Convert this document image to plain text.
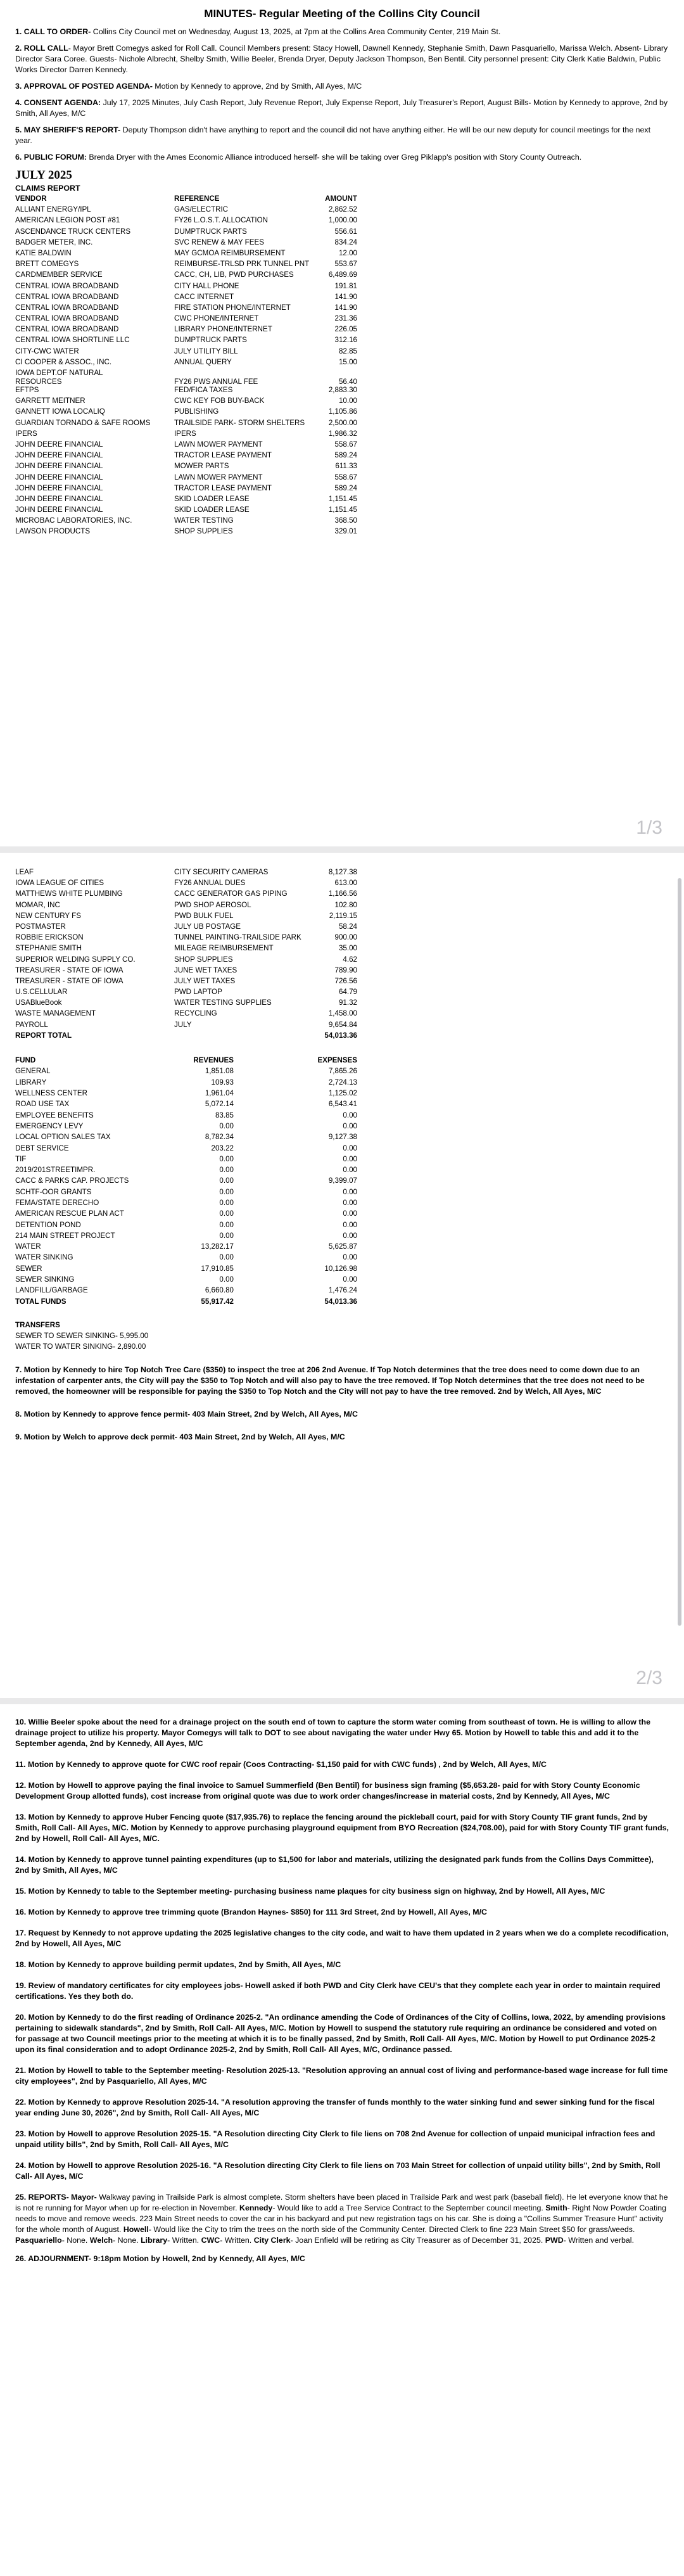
MINUTES- Regular Meeting of the Collins City Council

1. CALL TO ORDER- Collins City Council met on Wednesday, August 13, 2025, at 7pm at the Collins Area Community Center, 219 Main St.

2. ROLL CALL- Mayor Brett Comegys asked for Roll Call. Council Members present: Stacy Howell, Dawnell Kennedy, Stephanie Smith, Dawn Pasquariello, Marissa Welch. Absent- Library Director Sara Coree. Guests- Nichole Albrecht, Shelby Smith, Willie Beeler, Brenda Dryer, Deputy Jackson Thompson, Ben Bentil. City personnel present: City Clerk Katie Baldwin, Public Works Director Darren Kennedy.

3. APPROVAL OF POSTED AGENDA- Motion by Kennedy to approve, 2nd by Smith, All Ayes, M/C

4. CONSENT AGENDA: July 17, 2025 Minutes, July Cash Report, July Revenue Report, July Expense Report, July Treasurer's Report, August Bills- Motion by Kennedy to approve, 2nd by Smith, All Ayes, M/C

5. MAY SHERIFF'S REPORT- Deputy Thompson didn't have anything to report and the council did not have anything either. He will be our new deputy for council meetings for the next year.

6. PUBLIC FORUM: Brenda Dryer with the Ames Economic Alliance introduced herself- she will be taking over Greg Piklapp's position with Story County Outreach.

JULY 2025
CLAIMS REPORT
VENDOR	REFERENCE	AMOUNT
ALLIANT ENERGY/IPL	GAS/ELECTRIC	2,862.52
AMERICAN LEGION POST #81	FY26 L.O.S.T. ALLOCATION	1,000.00
ASCENDANCE TRUCK CENTERS	DUMPTRUCK PARTS	556.61
BADGER METER, INC.	SVC RENEW & MAY FEES	834.24
KATIE BALDWIN	MAY GCMOA REIMBURSEMENT	12.00
BRETT COMEGYS	REIMBURSE-TRLSD PRK TUNNEL PNT	553.67
CARDMEMBER SERVICE	CACC, CH, LIB, PWD PURCHASES	6,489.69
CENTRAL IOWA BROADBAND	CITY HALL PHONE	191.81
CENTRAL IOWA BROADBAND	CACC INTERNET	141.90
CENTRAL IOWA BROADBAND	FIRE STATION PHONE/INTERNET	141.90
CENTRAL IOWA BROADBAND	CWC PHONE/INTERNET	231.36
CENTRAL IOWA BROADBAND	LIBRARY PHONE/INTERNET	226.05
CENTRAL IOWA SHORTLINE LLC	DUMPTRUCK PARTS	312.16
CITY-CWC WATER	JULY UTILITY BILL	82.85
CI COOPER & ASSOC., INC.	ANNUAL QUERY	15.00
IOWA DEPT.OF NATURAL
RESOURCES	FY26 PWS ANNUAL FEE	56.40
EFTPS	FED/FICA TAXES	2,883.30
GARRETT MEITNER	CWC KEY FOB BUY-BACK	10.00
GANNETT IOWA LOCALIQ	PUBLISHING	1,105.86
GUARDIAN TORNADO & SAFE ROOMS	TRAILSIDE PARK- STORM SHELTERS	2,500.00
IPERS	IPERS	1,986.32
JOHN DEERE FINANCIAL	LAWN MOWER PAYMENT	558.67
JOHN DEERE FINANCIAL	TRACTOR LEASE PAYMENT	589.24
JOHN DEERE FINANCIAL	MOWER PARTS	611.33
JOHN DEERE FINANCIAL	LAWN MOWER PAYMENT	558.67
JOHN DEERE FINANCIAL	TRACTOR LEASE PAYMENT	589.24
JOHN DEERE FINANCIAL	SKID LOADER LEASE	1,151.45
JOHN DEERE FINANCIAL	SKID LOADER LEASE	1,151.45
MICROBAC LABORATORIES, INC.	WATER TESTING	368.50
LAWSON PRODUCTS	SHOP SUPPLIES	329.01
1/3
LEAF	CITY SECURITY CAMERAS	8,127.38
IOWA LEAGUE OF CITIES	FY26 ANNUAL DUES	613.00
MATTHEWS WHITE PLUMBING	CACC GENERATOR GAS PIPING	1,166.56
MOMAR, INC	PWD SHOP AEROSOL	102.80
NEW CENTURY FS	PWD BULK FUEL	2,119.15
POSTMASTER	JULY UB POSTAGE	58.24
ROBBIE ERICKSON	TUNNEL PAINTING-TRAILSIDE PARK	900.00
STEPHANIE SMITH	MILEAGE REIMBURSEMENT	35.00
SUPERIOR WELDING SUPPLY CO.	SHOP SUPPLIES	4.62
TREASURER - STATE OF IOWA	JUNE WET TAXES	789.90
TREASURER - STATE OF IOWA	JULY WET TAXES	726.56
U.S.CELLULAR	PWD LAPTOP	64.79
USABlueBook	WATER TESTING SUPPLIES	91.32
WASTE MANAGEMENT	RECYCLING	1,458.00
PAYROLL	JULY	9,654.84
REPORT TOTAL		54,013.36
FUND	REVENUES	EXPENSES
GENERAL	1,851.08	7,865.26
LIBRARY	109.93	2,724.13
WELLNESS CENTER	1,961.04	1,125.02
ROAD USE TAX	5,072.14	6,543.41
EMPLOYEE BENEFITS	83.85	0.00
EMERGENCY LEVY	0.00	0.00
LOCAL OPTION SALES TAX	8,782.34	9,127.38
DEBT SERVICE	203.22	0.00
TIF	0.00	0.00
2019/201STREETIMPR.	0.00	0.00
CACC & PARKS CAP. PROJECTS	0.00	9,399.07
SCHTF-OOR GRANTS	0.00	0.00
FEMA/STATE DERECHO	0.00	0.00
AMERICAN RESCUE PLAN ACT	0.00	0.00
DETENTION POND	0.00	0.00
214 MAIN STREET PROJECT	0.00	0.00
WATER	13,282.17	5,625.87
WATER SINKING	0.00	0.00
SEWER	17,910.85	10,126.98
SEWER SINKING	0.00	0.00
LANDFILL/GARBAGE	6,660.80	1,476.24
TOTAL FUNDS	55,917.42	54,013.36
TRANSFERS
SEWER TO SEWER SINKING- 5,995.00
WATER TO WATER SINKING- 2,890.00

7. Motion by Kennedy to hire Top Notch Tree Care ($350) to inspect the tree at 206 2nd Avenue. If Top Notch determines that the tree does need to come down due to an infestation of carpenter ants, the City will pay the $350 to Top Notch and will also pay to have the tree removed. If Top Notch determines that the tree does not need to be removed, the homeowner will be responsible for paying the $350 to Top Notch and the City will not pay to have the tree removed. 2nd by Welch, All Ayes, M/C

8. Motion by Kennedy to approve fence permit- 403 Main Street, 2nd by Welch, All Ayes, M/C

9. Motion by Welch to approve deck permit- 403 Main Street, 2nd by Welch, All Ayes, M/C

2/3

10. Willie Beeler spoke about the need for a drainage project on the south end of town to capture the storm water coming from southeast of town. He is willing to allow the drainage project to utilize his property. Mayor Comegys will talk to DOT to see about navigating the water under Hwy 65. Motion by Howell to table this and add it to the September agenda, 2nd by Kennedy, All Ayes, M/C

11. Motion by Kennedy to approve quote for CWC roof repair (Coos Contracting- $1,150 paid for with CWC funds) , 2nd by Welch, All Ayes, M/C

12. Motion by Howell to approve paying the final invoice to Samuel Summerfield (Ben Bentil) for business sign framing ($5,653.28- paid for with Story County Economic Development Group allotted funds), cost increase from original quote was due to work order changes/increase in material costs, 2nd by Kennedy, All Ayes, M/C

13. Motion by Kennedy to approve Huber Fencing quote ($17,935.76) to replace the fencing around the pickleball court, paid for with Story County TIF grant funds, 2nd by Smith, Roll Call- All Ayes, M/C. Motion by Kennedy to approve purchasing playground equipment from BYO Recreation ($24,708.00), paid for with Story County TIF grant funds, 2nd by Howell, Roll Call- All Ayes, M/C.

14. Motion by Kennedy to approve tunnel painting expenditures (up to $1,500 for labor and materials, utilizing the designated park funds from the Collins Days Committee), 2nd by Smith, All Ayes, M/C

15. Motion by Kennedy to table to the September meeting- purchasing business name plaques for city business sign on highway, 2nd by Howell, All Ayes, M/C

16. Motion by Kennedy to approve tree trimming quote (Brandon Haynes- $850) for 111 3rd Street, 2nd by Howell, All Ayes, M/C

17. Request by Kennedy to not approve updating the 2025 legislative changes to the city code, and wait to have them updated in 2 years when we do a complete recodification, 2nd by Howell, All Ayes, M/C

18. Motion by Kennedy to approve building permit updates, 2nd by Smith, All Ayes, M/C

19. Review of mandatory certificates for city employees jobs- Howell asked if both PWD and City Clerk have CEU's that they complete each year in order to maintain required certifications. Yes they both do.

20. Motion by Kennedy to do the first reading of Ordinance 2025-2. "An ordinance amending the Code of Ordinances of the City of Collins, Iowa, 2022, by amending provisions pertaining to sidewalk standards", 2nd by Smith, Roll Call- All Ayes, M/C. Motion by Howell to suspend the statutory rule requiring an ordinance be considered and voted on for passage at two Council meetings prior to the meeting at which it is to be finally passed, 2nd by Smith, Roll Call- All Ayes, M/C. Motion by Howell to put Ordinance 2025-2 upon its final consideration and to adopt Ordinance 2025-2, 2nd by Smith, Roll Call- All Ayes, M/C, Ordinance passed.

21. Motion by Howell to table to the September meeting- Resolution 2025-13. "Resolution approving an annual cost of living and performance-based wage increase for full time city employees", 2nd by Pasquariello, All Ayes, M/C

22. Motion by Kennedy to approve Resolution 2025-14. "A resolution approving the transfer of funds monthly to the water sinking fund and sewer sinking fund for the fiscal year ending June 30, 2026", 2nd by Smith, Roll Call- All Ayes, M/C

23. Motion by Howell to approve Resolution 2025-15. "A Resolution directing City Clerk to file liens on 708 2nd Avenue for collection of unpaid municipal infraction fees and unpaid utility bills", 2nd by Smith, Roll Call- All Ayes, M/C

24. Motion by Howell to approve Resolution 2025-16. "A Resolution directing City Clerk to file liens on 703 Main Street for collection of unpaid utility bills", 2nd by Smith, Roll Call- All Ayes, M/C

25. REPORTS- Mayor- Walkway paving in Trailside Park is almost complete. Storm shelters have been placed in Trailside Park and west park (baseball field). He let everyone know that he is not re running for Mayor when up for re-election in November. Kennedy- Would like to add a Tree Service Contract to the September council meeting. Smith- Right Now Powder Coating needs to move and remove weeds. 223 Main Street needs to cover the car in his backyard and put new registration tags on his car. She is doing a "Collins Summer Treasure Hunt" activity for the whole month of August. Howell- Would like the City to trim the trees on the north side of the Community Center. Directed Clerk to fine 223 Main Street $50 for grass/weeds. Pasquariello- None. Welch- None. Library- Written. CWC- Written. City Clerk- Joan Enfield will be retiring as City Treasurer as of December 31, 2025. PWD- Written and verbal.

26. ADJOURNMENT- 9:18pm Motion by Howell, 2nd by Kennedy, All Ayes, M/C
